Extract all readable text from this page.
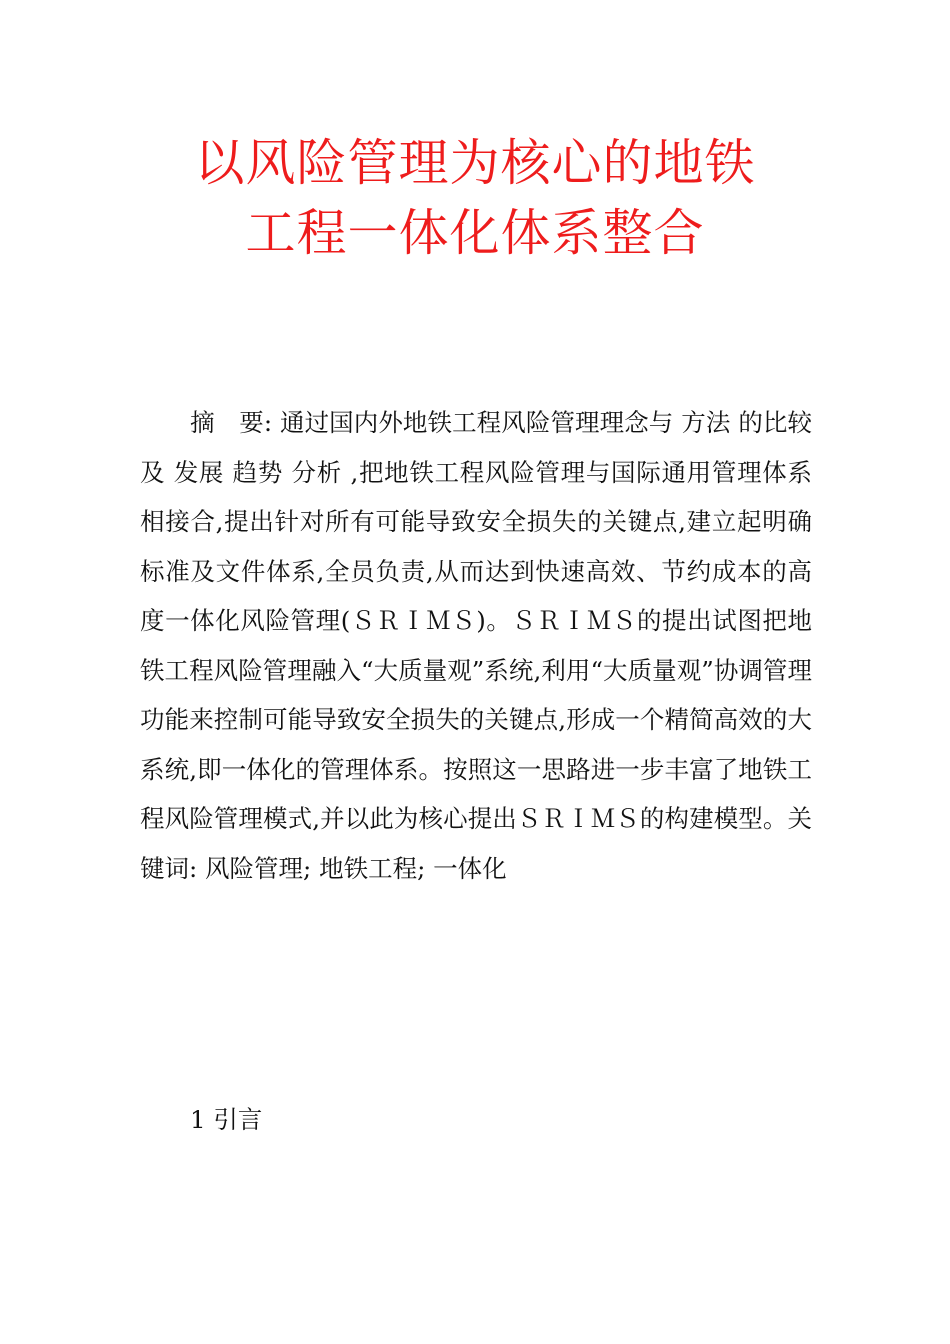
以风险管理为核心的地铁
工程一体化体系整合

摘　要: 通过国内外地铁工程风险管理理念与 方法 的比较及 发展 趋势 分析 ,把地铁工程风险管理与国际通用管理体系相接合,提出针对所有可能导致安全损失的关键点,建立起明确标准及文件体系,全员负责,从而达到快速高效、节约成本的高度一体化风险管理(ＳＲＩＭＳ)。ＳＲＩＭＳ的提出试图把地铁工程风险管理融入“大质量观”系统,利用“大质量观”协调管理功能来控制可能导致安全损失的关键点,形成一个精简高效的大系统,即一体化的管理体系。按照这一思路进一步丰富了地铁工程风险管理模式,并以此为核心提出ＳＲＩＭＳ的构建模型。关键词: 风险管理; 地铁工程; 一体化

1 引言
